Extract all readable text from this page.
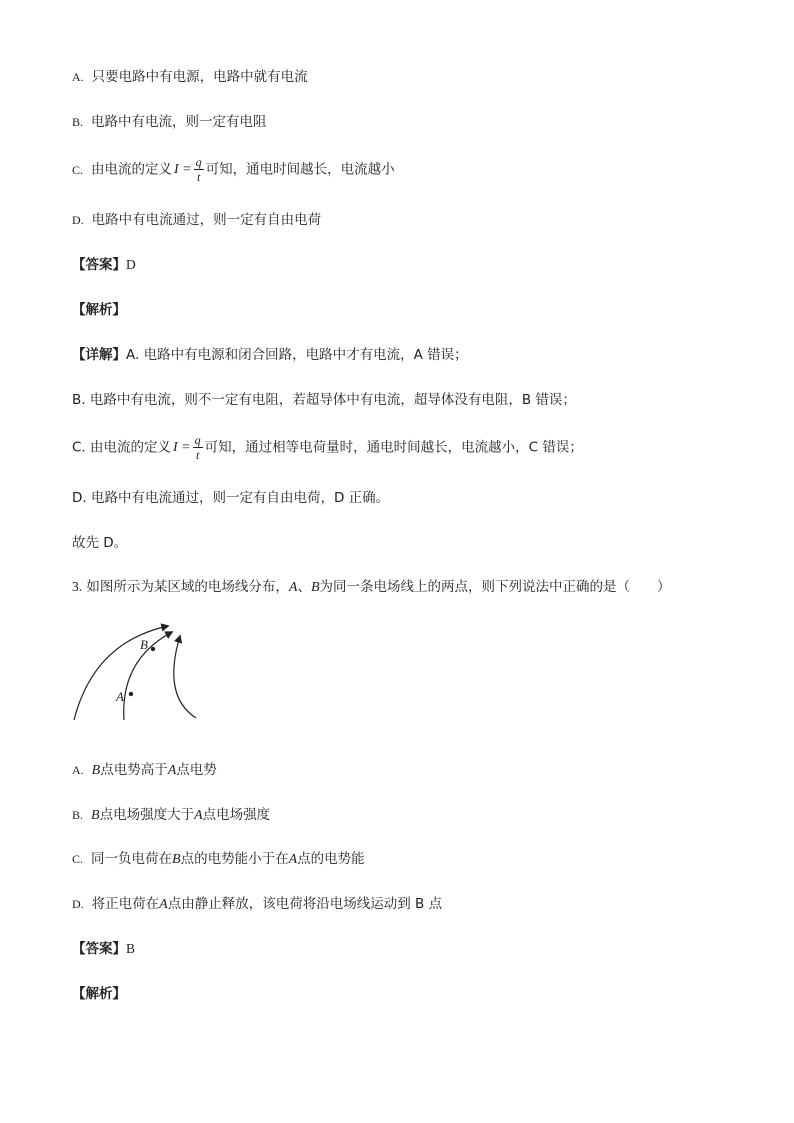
A. 只要电路中有电源，电路中就有电流
B. 电路中有电流，则一定有电阻
C. 由电流的定义 $I = \frac{q}{t}$ 可知，通电时间越长，电流越小
D. 电路中有电流通过，则一定有自由电荷
【答案】D
【解析】
【详解】A. 电路中有电源和闭合回路，电路中才有电流，A 错误；
B. 电路中有电流，则不一定有电阻，若超导体中有电流，超导体没有电阻，B 错误；
C. 由电流的定义 $I = \frac{q}{t}$ 可知，通过相等电荷量时，通电时间越长，电流越小，C 错误；
D. 电路中有电流通过，则一定有自由电荷，D 正确。
故先 D。
3. 如图所示为某区域的电场线分布，A、B为同一条电场线上的两点，则下列说法中正确的是（　　）
A
B
A. B点电势高于A点电势
B. B点电场强度大于A点电场强度
C. 同一负电荷在B点的电势能小于在A点的电势能
D. 将正电荷在A点由静止释放，该电荷将沿电场线运动到 B 点
【答案】B
【解析】
